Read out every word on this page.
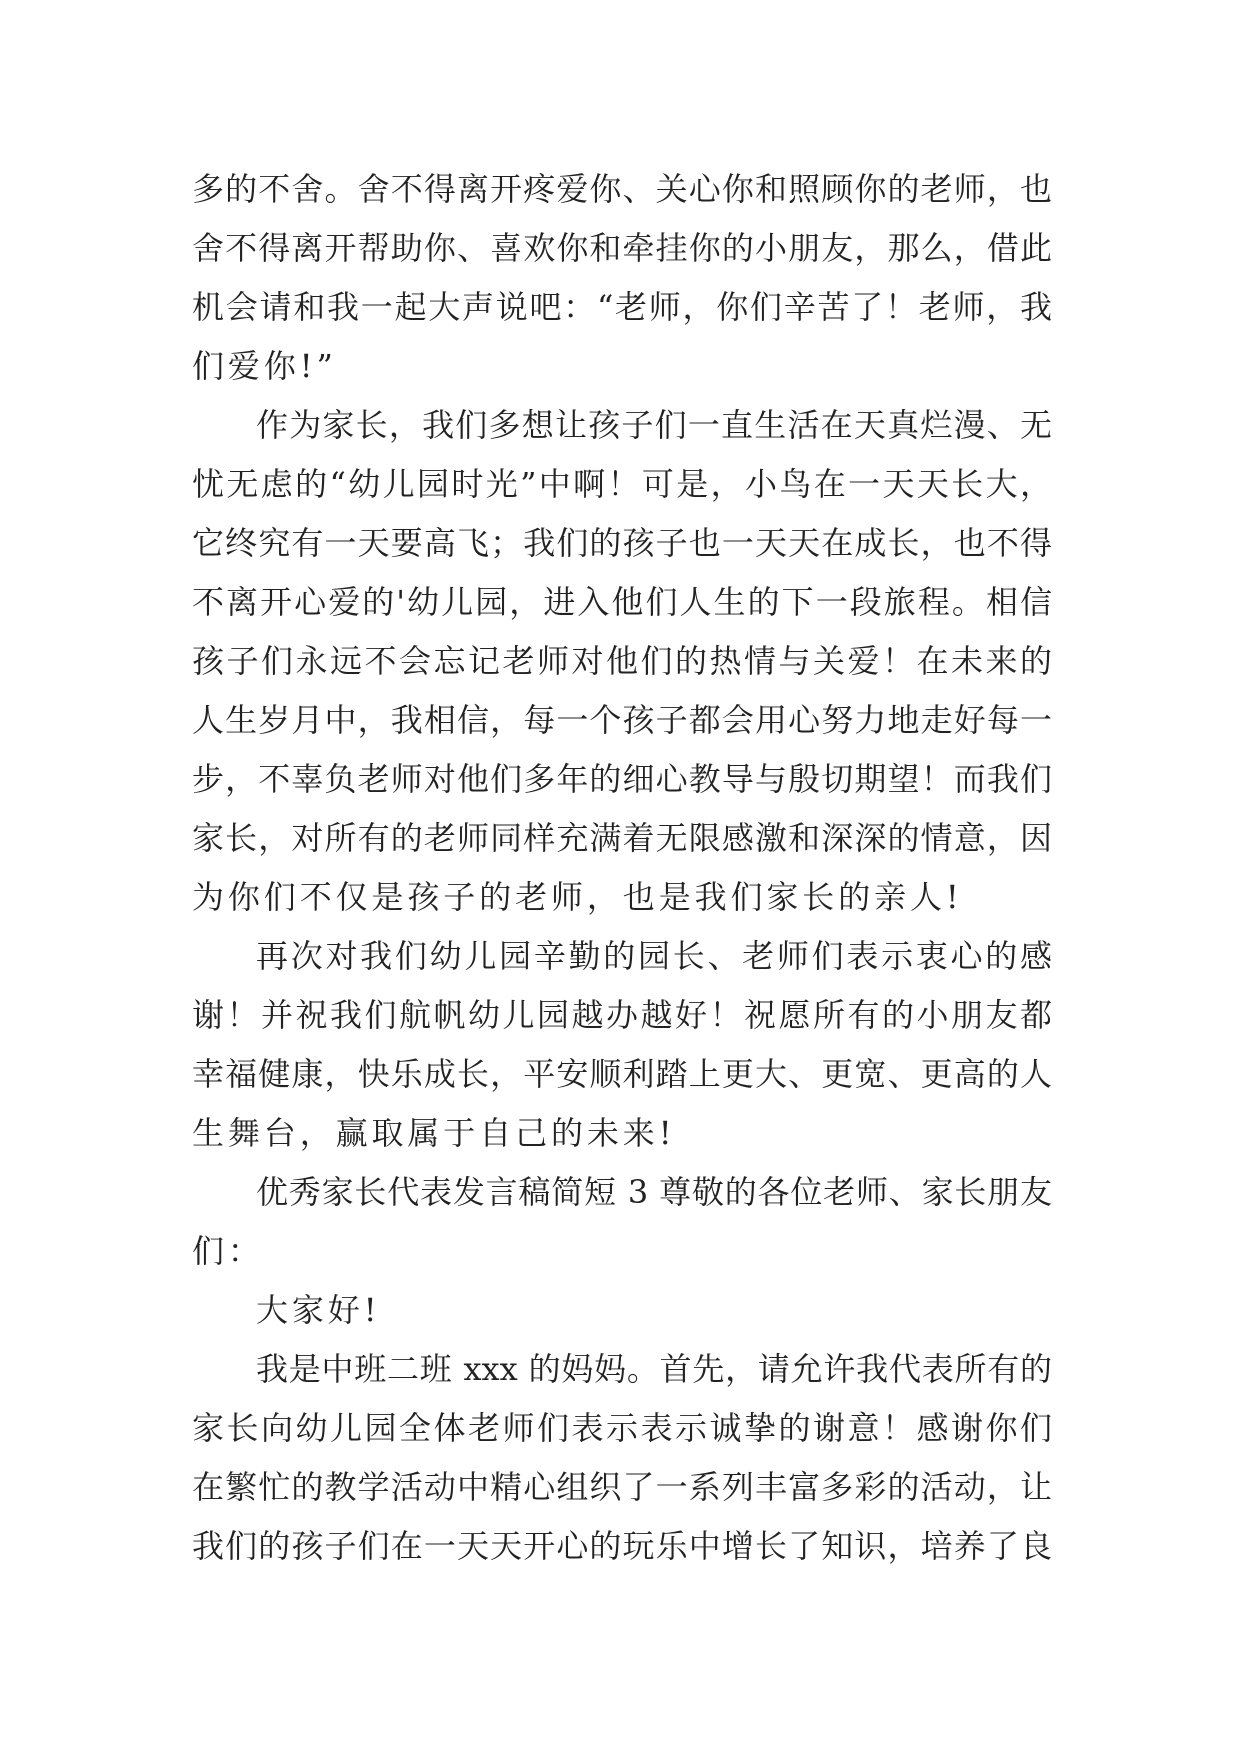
多的不舍。舍不得离开疼爱你、关心你和照顾你的老师，也
舍不得离开帮助你、喜欢你和牵挂你的小朋友，那么，借此
机会请和我一起大声说吧：“老师，你们辛苦了！老师，我
们爱你!”
作为家长，我们多想让孩子们一直生活在天真烂漫、无
忧无虑的“幼儿园时光”中啊！可是，小鸟在一天天长大，
它终究有一天要高飞；我们的孩子也一天天在成长，也不得
不离开心爱的'幼儿园，进入他们人生的下一段旅程。相信
孩子们永远不会忘记老师对他们的热情与关爱！在未来的
人生岁月中，我相信，每一个孩子都会用心努力地走好每一
步，不辜负老师对他们多年的细心教导与殷切期望！而我们
家长，对所有的老师同样充满着无限感激和深深的情意，因
为你们不仅是孩子的老师，也是我们家长的亲人!
再次对我们幼儿园辛勤的园长、老师们表示衷心的感
谢！并祝我们航帆幼儿园越办越好！祝愿所有的小朋友都
幸福健康，快乐成长，平安顺利踏上更大、更宽、更高的人
生舞台，赢取属于自己的未来!
优秀家长代表发言稿简短 3 尊敬的各位老师、家长朋友
们：
大家好!
我是中班二班 xxx 的妈妈。首先，请允许我代表所有的
家长向幼儿园全体老师们表示表示诚挚的谢意！感谢你们
在繁忙的教学活动中精心组织了一系列丰富多彩的活动，让
我们的孩子们在一天天开心的玩乐中增长了知识，培养了良
